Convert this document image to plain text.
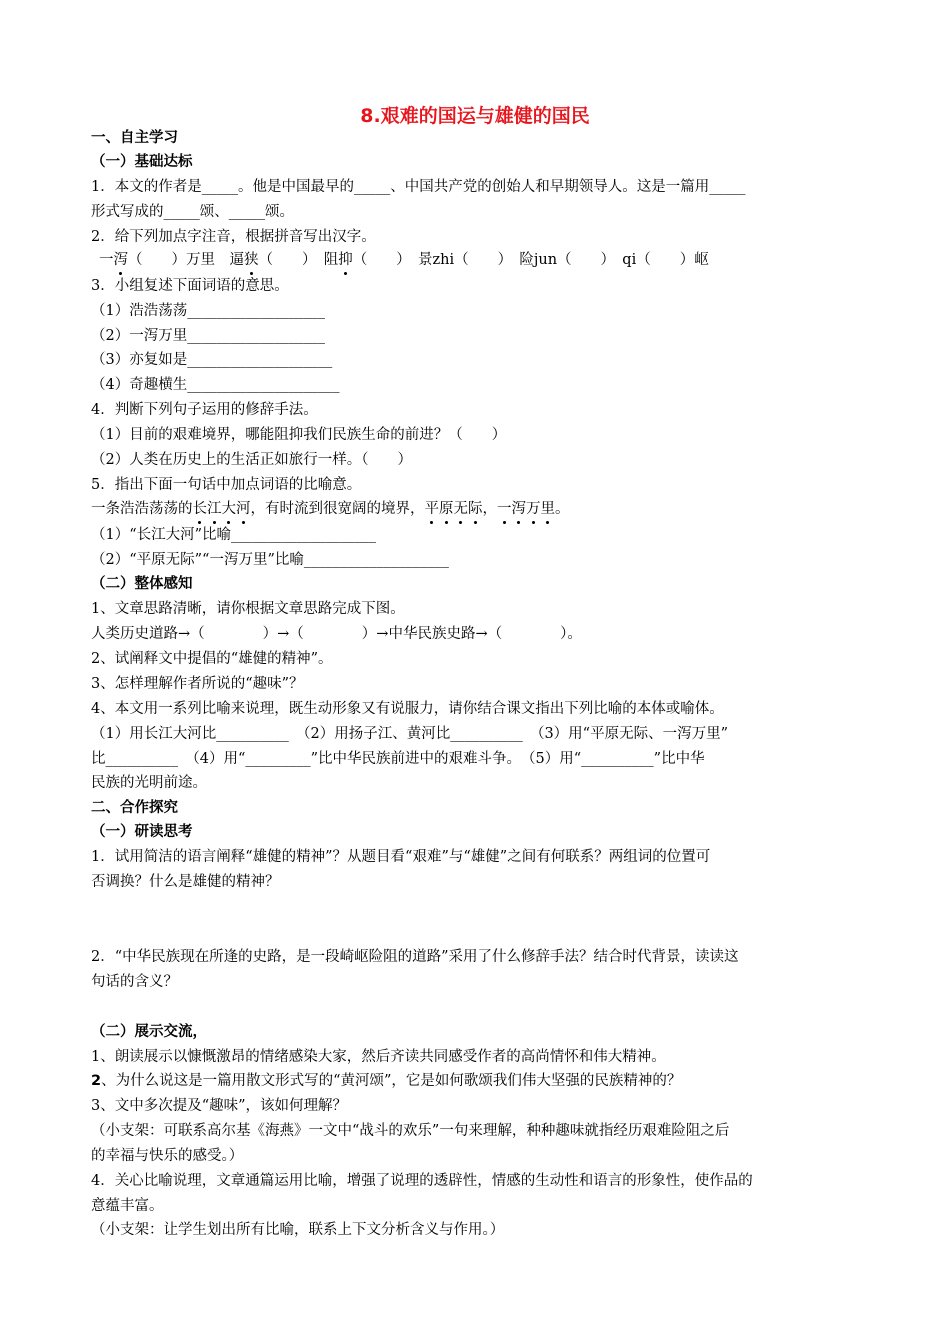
8.艰难的国运与雄健的国民
一、自主学习
（一）基础达标
1．本文的作者是_____。他是中国最早的_____、中国共产党的创始人和早期领导人。这是一篇用_____
形式写成的_____颂、_____颂。
2．给下列加点字注音，根据拼音写出汉字。
一泻（　　）万里　逼狭（　　）　阻抑（　　）　景zhi（　　）　险jun（　　）　qi（　　）岖
3．小组复述下面词语的意思。
（1）浩浩荡荡___________________
（2）一泻万里___________________
（3）亦复如是____________________
（4）奇趣横生_____________________
4．判断下列句子运用的修辞手法。
（1）目前的艰难境界，哪能阻抑我们民族生命的前进？（　　）
（2）人类在历史上的生活正如旅行一样。（　　）
5．指出下面一句话中加点词语的比喻意。
一条浩浩荡荡的长江大河，有时流到很宽阔的境界，平原无际，一泻万里。
（1）“长江大河”比喻____________________
（2）“平原无际”“一泻万里”比喻____________________
（二）整体感知
1、文章思路清晰，请你根据文章思路完成下图。
人类历史道路→（　　　　）→（　　　　）→中华民族史路→（　　　　）。
2、试阐释文中提倡的“雄健的精神”。
3、怎样理解作者所说的“趣味”？
4、本文用一系列比喻来说理，既生动形象又有说服力，请你结合课文指出下列比喻的本体或喻体。
（1）用长江大河比__________　（2）用扬子江、黄河比__________　（3）用“平原无际、一泻万里”
比__________　（4）用“_________”比中华民族前进中的艰难斗争。　（5）用“__________”比中华
民族的光明前途。
二、合作探究
（一）研读思考
1．试用简洁的语言阐释“雄健的精神”？从题目看“艰难”与“雄健”之间有何联系？两组词的位置可
否调换？什么是雄健的精神？
2．“中华民族现在所逢的史路，是一段崎岖险阻的道路”采用了什么修辞手法？结合时代背景，读读这
句话的含义？
（二）展示交流，
1、朗读展示以慷慨激昂的情绪感染大家，然后齐读共同感受作者的高尚情怀和伟大精神。
2、为什么说这是一篇用散文形式写的“黄河颂”，它是如何歌颂我们伟大坚强的民族精神的？
3、文中多次提及“趣味”，该如何理解？
（小支架：可联系高尔基《海燕》一文中“战斗的欢乐”一句来理解，种种趣味就指经历艰难险阻之后
的幸福与快乐的感受。）
4．关心比喻说理，文章通篇运用比喻，增强了说理的透辟性，情感的生动性和语言的形象性，使作品的
意蕴丰富。
（小支架：让学生划出所有比喻，联系上下文分析含义与作用。）
